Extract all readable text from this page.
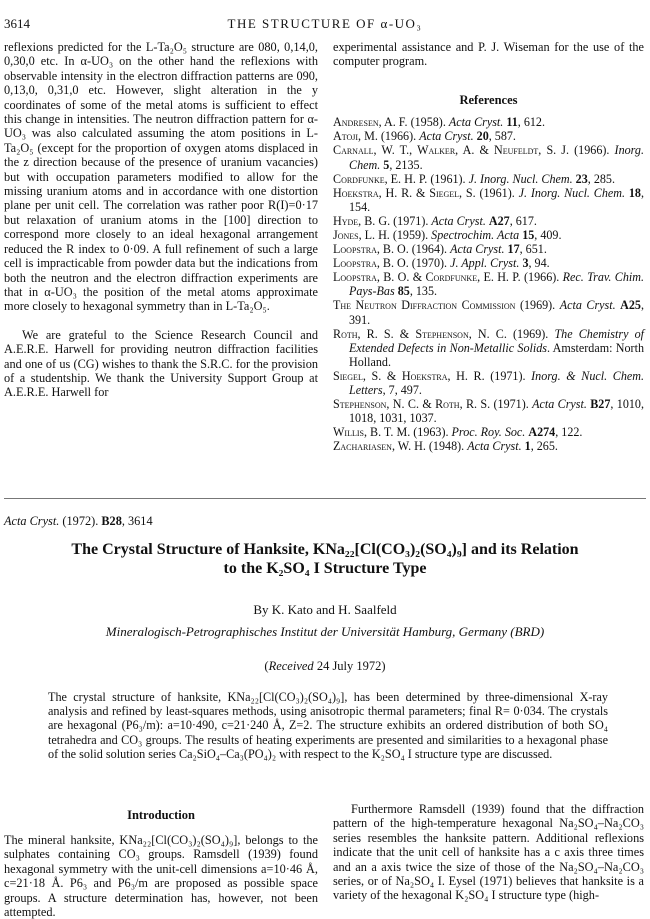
3614	THE STRUCTURE OF α-UO₃

reflexions predicted for the L-Ta₂O₅ structure are 080, 0,14,0, 0,30,0 etc. In α-UO₃ on the other hand the reflexions with observable intensity in the electron diffraction patterns are 090, 0,13,0, 0,31,0 etc. However, slight alteration in the y coordinates of some of the metal atoms is sufficient to effect this change in intensities. The neutron diffraction pattern for α-UO₃ was also calculated assuming the atom positions in L-Ta₂O₅ (except for the proportion of oxygen atoms displaced in the z direction because of the presence of uranium vacancies) but with occupation parameters modified to allow for the missing uranium atoms and in accordance with one distortion plane per unit cell. The correlation was rather poor R(I)=0·17 but relaxation of uranium atoms in the [100] direction to correspond more closely to an ideal hexagonal arrangement reduced the R index to 0·09. A full refinement of such a large cell is impracticable from powder data but the indications from both the neutron and the electron diffraction experiments are that in α-UO₃ the position of the metal atoms approximate more closely to hexagonal symmetry than in L-Ta₂O₅.

We are grateful to the Science Research Council and A.E.R.E. Harwell for providing neutron diffraction facilities and one of us (CG) wishes to thank the S.R.C. for the provision of a studentship. We thank the University Support Group at A.E.R.E. Harwell for

experimental assistance and P. J. Wiseman for the use of the computer program.

References
Andresen, A. F. (1958). Acta Cryst. 11, 612.
Atoji, M. (1966). Acta Cryst. 20, 587.
Carnall, W. T., Walker, A. & Neufeldt, S. J. (1966). Inorg. Chem. 5, 2135.
Cordfunke, E. H. P. (1961). J. Inorg. Nucl. Chem. 23, 285.
Hoekstra, H. R. & Siegel, S. (1961). J. Inorg. Nucl. Chem. 18, 154.
Hyde, B. G. (1971). Acta Cryst. A27, 617.
Jones, L. H. (1959). Spectrochim. Acta 15, 409.
Loopstra, B. O. (1964). Acta Cryst. 17, 651.
Loopstra, B. O. (1970). J. Appl. Cryst. 3, 94.
Loopstra, B. O. & Cordfunke, E. H. P. (1966). Rec. Trav. Chim. Pays-Bas 85, 135.
The Neutron Diffraction Commission (1969). Acta Cryst. A25, 391.
Roth, R. S. & Stephenson, N. C. (1969). The Chemistry of Extended Defects in Non-Metallic Solids. Amsterdam: North Holland.
Siegel, S. & Hoekstra, H. R. (1971). Inorg. & Nucl. Chem. Letters, 7, 497.
Stephenson, N. C. & Roth, R. S. (1971). Acta Cryst. B27, 1010, 1018, 1031, 1037.
Willis, B. T. M. (1963). Proc. Roy. Soc. A274, 122.
Zachariasen, W. H. (1948). Acta Cryst. 1, 265.
Acta Cryst. (1972). B28, 3614
The Crystal Structure of Hanksite, KNa₂₂[Cl(CO₃)₂(SO₄)₉] and its Relation
to the K₂SO₄ I Structure Type
By K. Kato and H. Saalfeld
Mineralogisch-Petrographisches Institut der Universität Hamburg, Germany (BRD)
(Received 24 July 1972)
The crystal structure of hanksite, KNa₂₂[Cl(CO₃)₂(SO₄)₉], has been determined by three-dimensional X-ray analysis and refined by least-squares methods, using anisotropic thermal parameters; final R= 0·034. The crystals are hexagonal (P6₃/m): a=10·490, c=21·240 Å, Z=2. The structure exhibits an ordered distribution of both SO₄ tetrahedra and CO₃ groups. The results of heating experiments are presented and similarities to a hexagonal phase of the solid solution series Ca₂SiO₄–Ca₃(PO₄)₂ with respect to the K₂SO₄ I structure type are discussed.
Introduction

The mineral hanksite, KNa₂₂[Cl(CO₃)₂(SO₄)₉], belongs to the sulphates containing CO₃ groups. Ramsdell (1939) found hexagonal symmetry with the unit-cell dimensions a=10·46 Å, c=21·18 Å. P6₃ and P6₃/m are proposed as possible space groups. A structure determination has, however, not been attempted.

Furthermore Ramsdell (1939) found that the diffraction pattern of the high-temperature hexagonal Na₂SO₄–Na₂CO₃ series resembles the hanksite pattern. Additional reflexions indicate that the unit cell of hanksite has a c axis three times and an a axis twice the size of those of the Na₂SO₄–Na₂CO₃ series, or of Na₂SO₄ I. Eysel (1971) believes that hanksite is a variety of the hexagonal K₂SO₄ I structure type (high-
